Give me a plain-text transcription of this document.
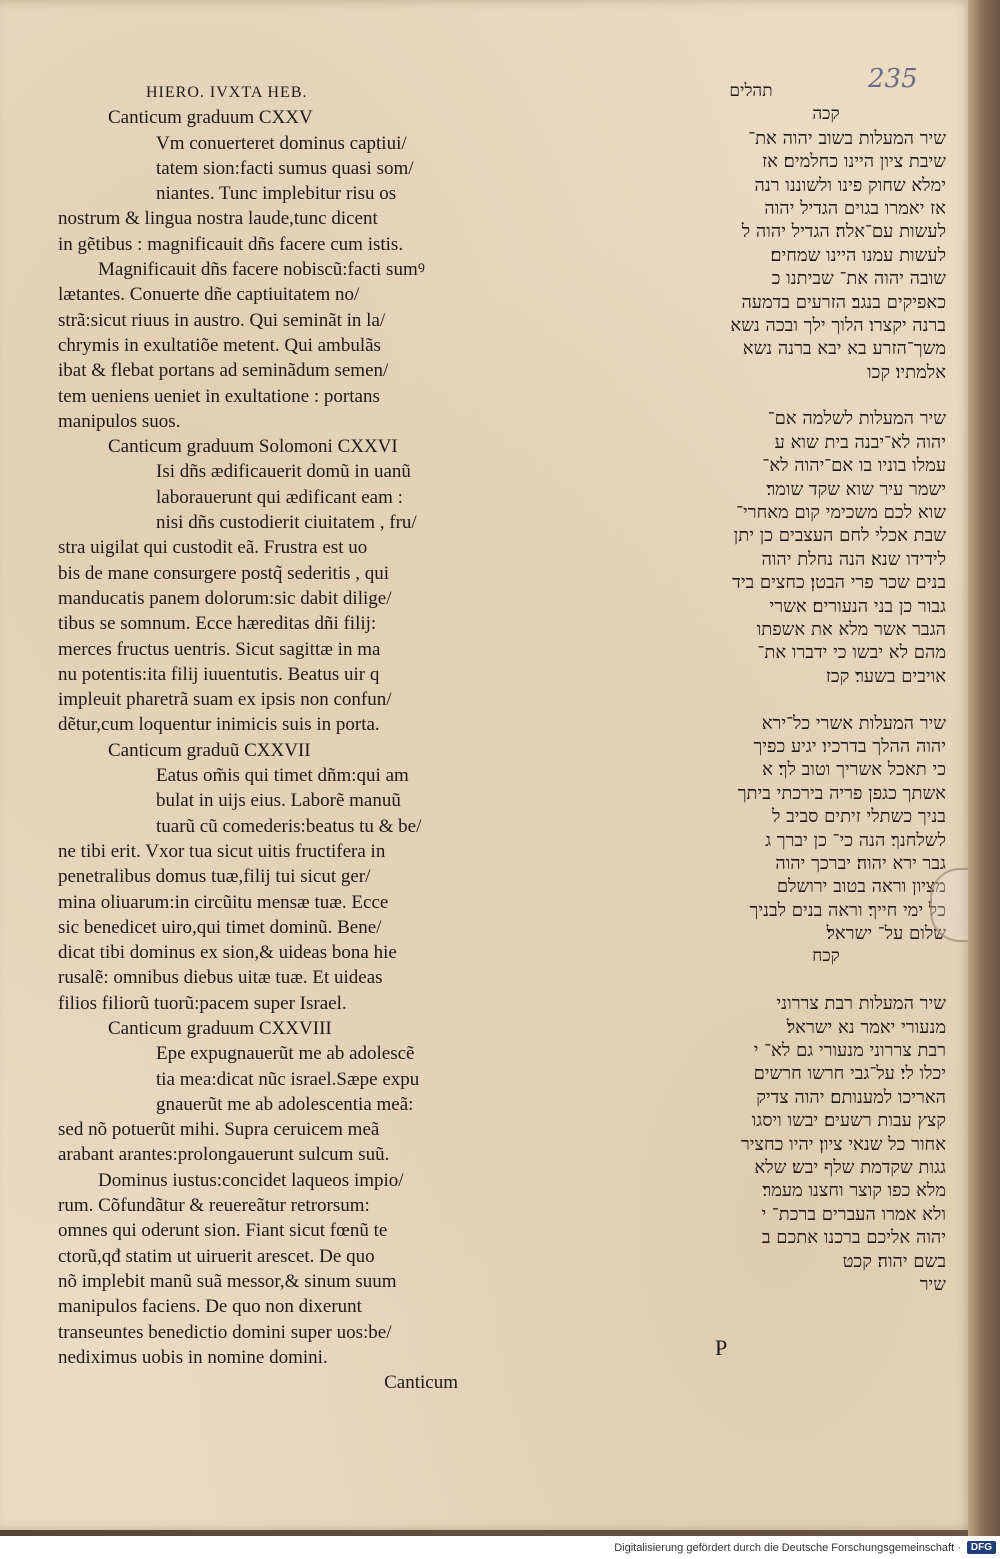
235
HIERO. IVXTA HEB.
Canticum graduum CXXV
Vm conuerteret dominus captiui/
tatem sion:facti sumus quasi som/
niantes. Tunc implebitur risu os
nostrum & lingua nostra laude,tunc dicent
in gẽtibus : magnificauit dñs facere cum istis.
Magnificauit dñs facere nobiscũ:facti sumꝰ
lætantes. Conuerte dñe captiuitatem no/
strã:sicut riuus in austro. Qui seminãt in la/
chrymis in exultatiõe metent. Qui ambulãs
ibat & flebat portans ad seminãdum semen/
tem ueniens ueniet in exultatione : portans
manipulos suos.
Canticum graduum Solomoni CXXVI
Isi dñs ædificauerit domũ in uanũ
laborauerunt qui ædificant eam :
nisi dñs custodierit ciuitatem , fru/
stra uigilat qui custodit eã. Frustra est uo
bis de mane consurgere postq̃ sederitis , qui
manducatis panem dolorum:sic dabit dilige/
tibus se somnum. Ecce hæreditas dñi filij:
merces fructus uentris. Sicut sagittæ in ma
nu potentis:ita filij iuuentutis. Beatus uir q
impleuit pharetrã suam ex ipsis non confun/
dẽtur,cum loquentur inimicis suis in porta.
Canticum graduũ CXXVII
Eatus om̃is qui timet dñm:qui am
bulat in uijs eius. Laborẽ manuũ
tuarũ cũ comederis:beatus tu & be/
ne tibi erit. Vxor tua sicut uitis fructifera in
penetralibus domus tuæ,filij tui sicut ger/
mina oliuarum:in circũitu mensæ tuæ. Ecce
sic benedicet uiro,qui timet dominũ. Bene/
dicat tibi dominus ex sion,& uideas bona hie
rusalẽ: omnibus diebus uitæ tuæ. Et uideas
filios filiorũ tuorũ:pacem super Israel.
Canticum graduum CXXVIII
Epe expugnauerũt me ab adolescẽ
tia mea:dicat nũc israel.Sæpe expu
gnauerũt me ab adolescentia meã:
sed nõ potuerũt mihi. Supra ceruicem meã
arabant arantes:prolongauerunt sulcum suũ.
Dominus iustus:concidet laqueos impio/
rum. Cõfundãtur & reuereãtur retrorsum:
omnes qui oderunt sion. Fiant sicut fœnũ te
ctorũ,qđ statim ut uiruerit arescet. De quo
nõ implebit manũ suã messor,& sinum suum
manipulos faciens. De quo non dixerunt
transeuntes benedictio domini super uos:be/
nediximus uobis in nomine domini.
Canticum
תהלים
קכה
שיר המעלות בשוב יהוה את־
שיבת ציון היינו כחלמים׃ אז
ימלא שחוק פינו ולשוננו רנה
אז יאמרו בגוים הגדיל יהוה
לעשות עם־אלה׃ הגדיל יהוה ל
לעשות עמנו היינו שמחים׃
שובה יהוה את־ שביתנו כ
כאפיקים בנגב׃ הזרעים בדמעה
ברנה יקצרו׃ הלוך ילך ובכה נשא
משך־הזרע בא יבא ברנה נשא
אלמתיו׃ קכו
שיר המעלות לשלמה אם־
יהוה לא־יבנה בית שוא ע
עמלו בוניו בו אם־יהוה לא־
ישמר עיר שוא שקד שומר׃
שוא לכם משכימי קום מאחרי־
שבת אכלי לחם העצבים כן יתן
לידידו שנא׃ הנה נחלת יהוה
בנים שכר פרי הבטן׃ כחצים ביד
גבור כן בני הנעורים׃ אשרי
הגבר אשר מלא את אשפתו
מהם לא יבשו כי ידברו את־
אויבים בשער׃ קכז
שיר המעלות אשרי כל־ירא
יהוה ההלך בדרכיו׃ יגיע כפיך
כי תאכל אשריך וטוב לך׃ א
אשתך כגפן פריה בירכתי ביתך
בניך כשתלי זיתים סביב ל
לשלחנך׃ הנה כי־ כן יברך ג
גבר ירא יהוה׃ יברכך יהוה
מציון וראה בטוב ירושלם
כל ימי חייך׃ וראה בנים לבניך
שלום על־ ישראל׃
קכח
שיר המעלות רבת צררוני
מנעורי יאמר נא ישראל׃
רבת צררוני מנעורי גם לא־ י
יכלו לי׃ על־גבי חרשו חרשים
האריכו למענותם׃ יהוה צדיק
קצץ עבות רשעים׃ יבשו ויסגו
אחור כל שנאי ציון׃ יהיו כחציר
גגות שקדמת שלף יבש׃ שלא
מלא כפו קוצר וחצנו מעמר׃
ולא אמרו העברים ברכת־ י
יהוה אליכם ברכנו אתכם ב
בשם יהוה׃ קכט
שיר
P
Digitalisierung gefördert durch die Deutsche Forschungsgemeinschaft ·	DFG
